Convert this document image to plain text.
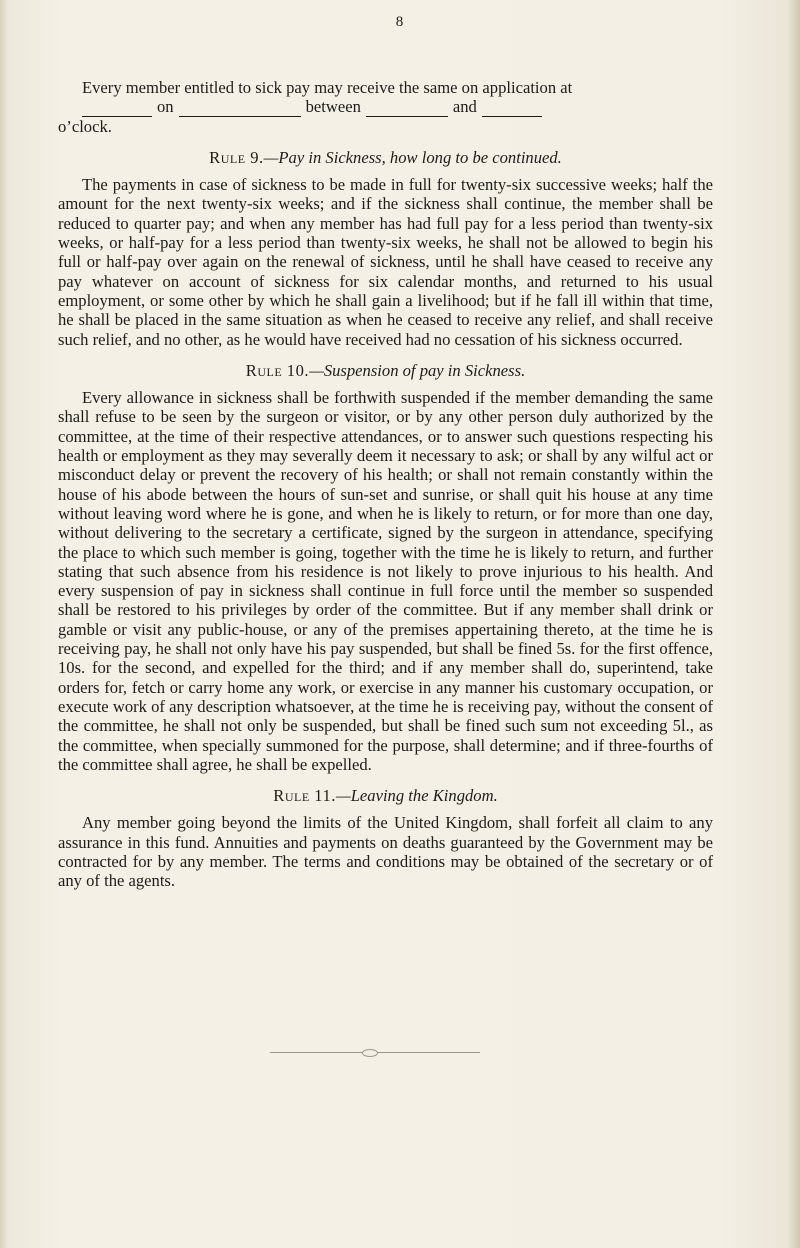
8

Every member entitled to sick pay may receive the same on application at

on	between	and

o’clock.

Rule 9.—Pay in Sickness, how long to be continued.

The payments in case of sickness to be made in full for twenty-six successive weeks; half the amount for the next twenty-six weeks; and if the sickness shall continue, the member shall be reduced to quarter pay; and when any member has had full pay for a less period than twenty-six weeks, or half-pay for a less period than twenty-six weeks, he shall not be allowed to begin his full or half-pay over again on the renewal of sickness, until he shall have ceased to receive any pay whatever on account of sickness for six calendar months, and returned to his usual employment, or some other by which he shall gain a livelihood; but if he fall ill within that time, he shall be placed in the same situation as when he ceased to receive any relief, and shall receive such relief, and no other, as he would have received had no cessation of his sickness occurred.

Rule 10.—Suspension of pay in Sickness.

Every allowance in sickness shall be forthwith suspended if the member demanding the same shall refuse to be seen by the surgeon or visitor, or by any other person duly authorized by the committee, at the time of their respective attendances, or to answer such questions respecting his health or employment as they may severally deem it necessary to ask; or shall by any wilful act or misconduct delay or prevent the recovery of his health; or shall not remain constantly within the house of his abode between the hours of sun-set and sunrise, or shall quit his house at any time without leaving word where he is gone, and when he is likely to return, or for more than one day, without delivering to the secretary a certificate, signed by the surgeon in attendance, specifying the place to which such member is going, together with the time he is likely to return, and further stating that such absence from his residence is not likely to prove injurious to his health. And every suspension of pay in sickness shall continue in full force until the member so suspended shall be restored to his privileges by order of the committee. But if any member shall drink or gamble or visit any public-house, or any of the premises appertaining thereto, at the time he is receiving pay, he shall not only have his pay suspended, but shall be fined 5s. for the first offence, 10s. for the second, and expelled for the third; and if any member shall do, superintend, take orders for, fetch or carry home any work, or exercise in any manner his customary occupation, or execute work of any description whatsoever, at the time he is receiving pay, without the consent of the committee, he shall not only be suspended, but shall be fined such sum not exceeding 5l., as the committee, when specially summoned for the purpose, shall determine; and if three-fourths of the committee shall agree, he shall be expelled.

Rule 11.—Leaving the Kingdom.

Any member going beyond the limits of the United Kingdom, shall forfeit all claim to any assurance in this fund. Annuities and payments on deaths guaranteed by the Government may be contracted for by any member. The terms and conditions may be obtained of the secretary or of any of the agents.
